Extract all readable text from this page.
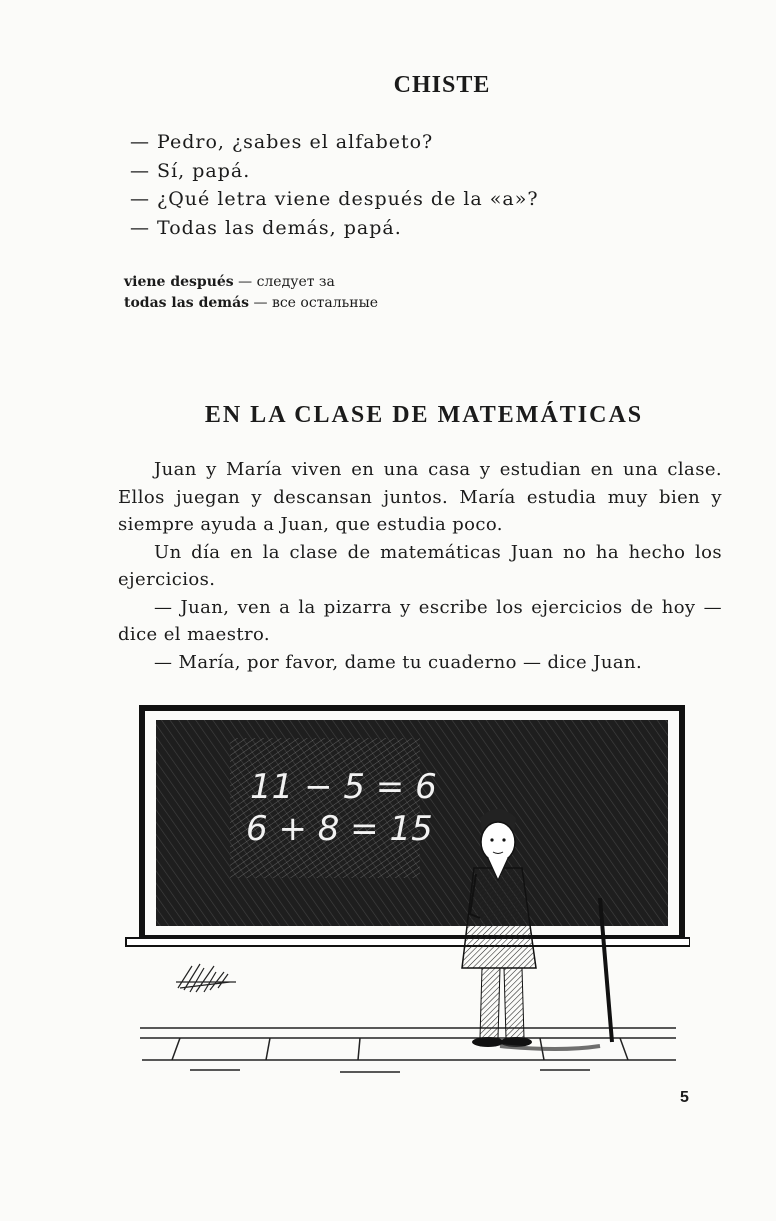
CHISTE
— Pedro, ¿sabes el alfabeto?
— Sí, papá.
— ¿Qué letra viene después de la «a»?
— Todas las demás, papá.
viene después — следует за
todas las demás — все остальные
EN LA CLASE DE MATEMÁTICAS

Juan y María viven en una casa y estudian en una clase. Ellos juegan y descansan juntos. María estudia muy bien y siempre ayuda a Juan, que estudia poco.

Un día en la clase de matemáticas Juan no ha hecho los ejercicios.

— Juan, ven a la pizarra y escribe los ejercicios de hoy — dice el maestro.

— María, por favor, dame tu cuaderno — dice Juan.

11 − 5 = 6
6 + 8 = 15
5
